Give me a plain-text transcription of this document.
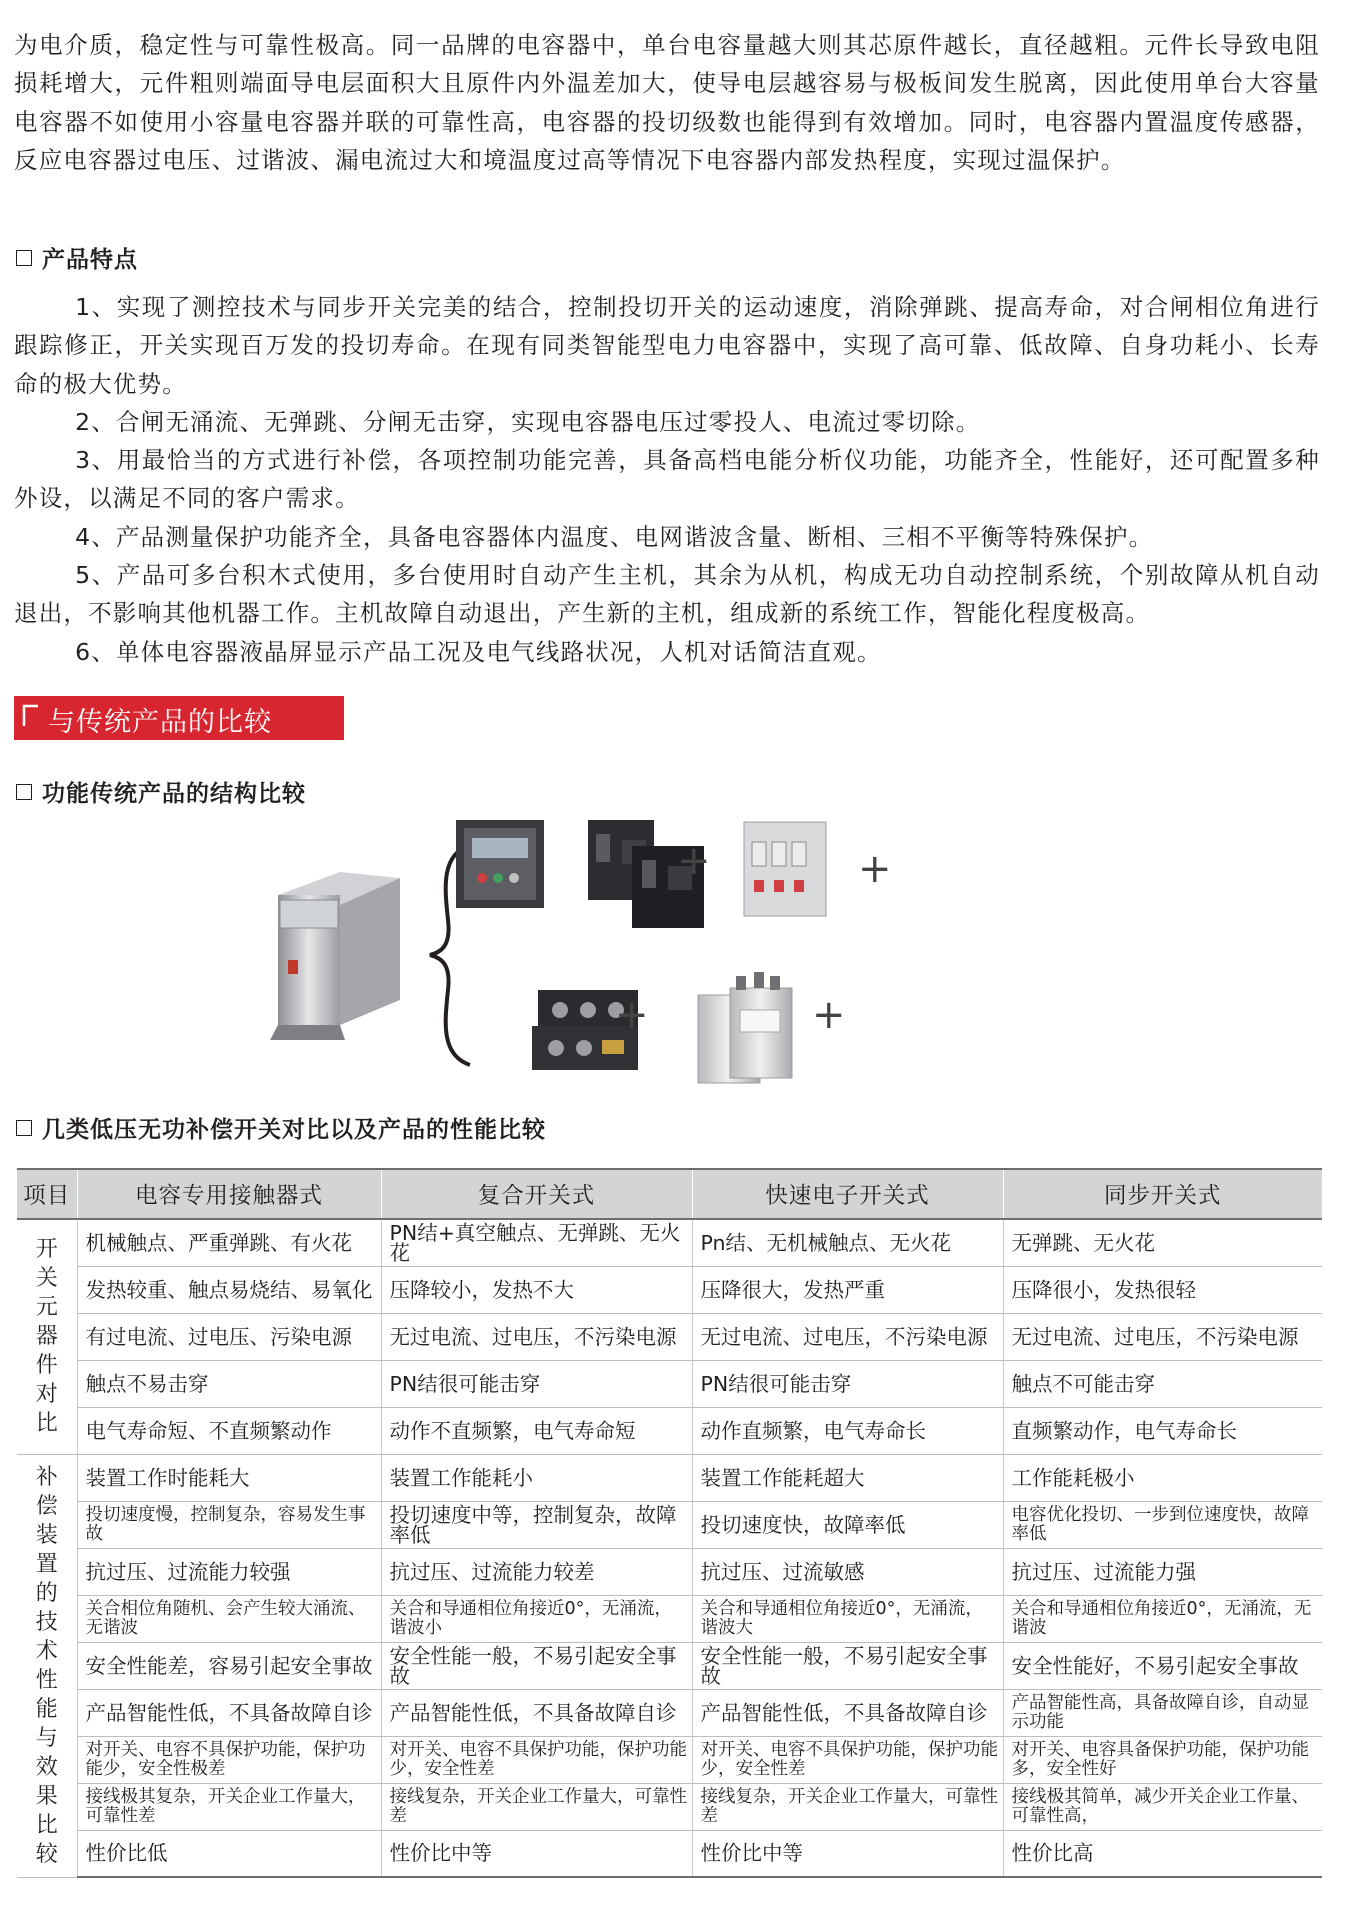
为电介质，稳定性与可靠性极高。同一品牌的电容器中，单台电容量越大则其芯原件越长，直径越粗。元件长导致电阻损耗增大，元件粗则端面导电层面积大且原件内外温差加大，使导电层越容易与极板间发生脱离，因此使用单台大容量电容器不如使用小容量电容器并联的可靠性高，电容器的投切级数也能得到有效增加。同时，电容器内置温度传感器，反应电容器过电压、过谐波、漏电流过大和境温度过高等情况下电容器内部发热程度，实现过温保护。

产品特点

1、实现了测控技术与同步开关完美的结合，控制投切开关的运动速度，消除弹跳、提高寿命，对合闸相位角进行跟踪修正，开关实现百万发的投切寿命。在现有同类智能型电力电容器中，实现了高可靠、低故障、自身功耗小、长寿命的极大优势。

2、合闸无涌流、无弹跳、分闸无击穿，实现电容器电压过零投人、电流过零切除。

3、用最恰当的方式进行补偿，各项控制功能完善，具备高档电能分析仪功能，功能齐全，性能好，还可配置多种外设，以满足不同的客户需求。

4、产品测量保护功能齐全，具备电容器体内温度、电网谐波含量、断相、三相不平衡等特殊保护。

5、产品可多台积木式使用，多台使用时自动产生主机，其余为从机，构成无功自动控制系统，个别故障从机自动退出，不影响其他机器工作。主机故障自动退出，产生新的主机，组成新的系统工作，智能化程度极高。

6、单体电容器液晶屏显示产品工况及电气线路状况，人机对话简洁直观。

与传统产品的比较
功能传统产品的结构比较
+	+
+	+
几类低压无功补偿开关对比以及产品的性能比较
项目	电容专用接触器式	复合开关式	快速电子开关式	同步开关式
开关元器件对比	机械触点、严重弹跳、有火花	PN结+真空触点、无弹跳、无火花	Pn结、无机械触点、无火花	无弹跳、无火花
	发热较重、触点易烧结、易氧化	压降较小，发热不大	压降很大，发热严重	压降很小，发热很轻
	有过电流、过电压、污染电源	无过电流、过电压，不污染电源	无过电流、过电压，不污染电源	无过电流、过电压，不污染电源
	触点不易击穿	PN结很可能击穿	PN结很可能击穿	触点不可能击穿
	电气寿命短、不直频繁动作	动作不直频繁，电气寿命短	动作直频繁，电气寿命长	直频繁动作，电气寿命长
补偿装置的技术性能与效果比较	装置工作时能耗大	装置工作能耗小	装置工作能耗超大	工作能耗极小
	投切速度慢，控制复杂，容易发生事故	投切速度中等，控制复杂，故障率低	投切速度快，故障率低	电容优化投切、一步到位速度快，故障率低
	抗过压、过流能力较强	抗过压、过流能力较差	抗过压、过流敏感	抗过压、过流能力强
	关合相位角随机、会产生较大涌流、无谐波	关合和导通相位角接近0°，无涌流，谐波小	关合和导通相位角接近0°，无涌流，谐波大	关合和导通相位角接近0°，无涌流，无谐波
	安全性能差，容易引起安全事故	安全性能一般，不易引起安全事故	安全性能一般，不易引起安全事故	安全性能好，不易引起安全事故
	产品智能性低，不具备故障自诊	产品智能性低，不具备故障自诊	产品智能性低，不具备故障自诊	产品智能性高，具备故障自诊，自动显示功能
	对开关、电容不具保护功能，保护功能少，安全性极差	对开关、电容不具保护功能，保护功能少，安全性差	对开关、电容不具保护功能，保护功能少，安全性差	对开关、电容具备保护功能，保护功能多，安全性好
	接线极其复杂，开关企业工作量大，可靠性差	接线复杂，开关企业工作量大，可靠性差	接线复杂，开关企业工作量大，可靠性差	接线极其简单，减少开关企业工作量、可靠性高，
	性价比低	性价比中等	性价比中等	性价比高
